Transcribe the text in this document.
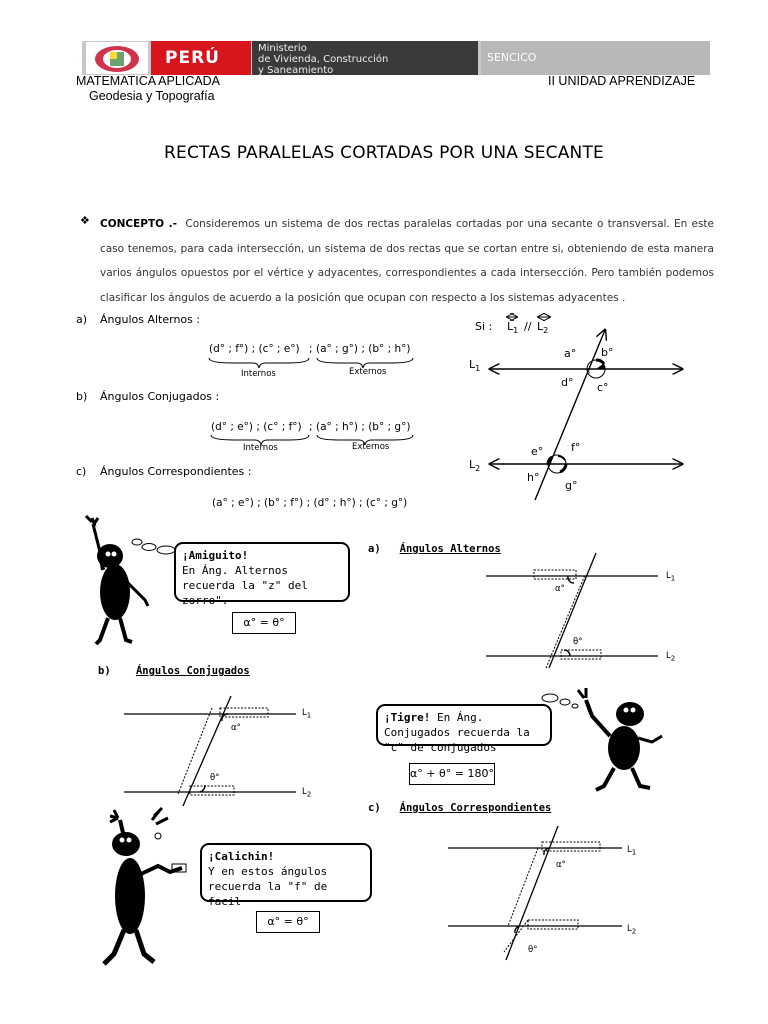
PERÚ	Ministerio
de Vivienda, Construcción
y Saneamiento
SENCICO
MATEMATICA APLICADA
Geodesia y Topografía
II UNIDAD APRENDIZAJE
RECTAS PARALELAS CORTADAS POR UNA SECANTE
❖ CONCEPTO .- Consideremos un sistema de dos rectas paralelas cortadas por una secante o transversal. En este caso tenemos, para cada intersección, un sistema de dos rectas que se cortan entre si, obteniendo de esta manera varios ángulos opuestos por el vértice y adyacentes, correspondientes a cada intersección. Pero también podemos clasificar los ángulos de acuerdo a la posición que ocupan con respecto a los sistemas adyacentes .
a) Ángulos Alternos :
(d° ; f°) ; (c° ; e°) ; (a° ; g°) ; (b° ; h°)
Internos	Externos
b) Ángulos Conjugados :
(d° ; e°) ; (c° ; f°) ; (a° ; h°) ; (b° ; g°)
Internos	Externos
c) Ángulos Correspondientes :
(a° ; e°) ; (b° ; f°) ; (d° ; h°) ; (c° ; g°)
Si : $L_1 // L_2$
$L_1$
$L_2$
a° b°
d° c°
e°	f°
h°
g°
¡Amiguito!
En Áng. Alternos recuerda la "z" del zorro".
α° = θ°
a) Ángulos Alternos
α°
θ°
$L_1$
$L_2$
b) Ángulos Conjugados
α°
θ°
$L_1$
$L_2$
¡Tigre! En Áng. Conjugados recuerda la "c" de conjugados
α° + θ° = 180°
c) Ángulos Correspondientes
α°
θ°
$L_1$
$L_2$
¡Calichin!
Y en estos ángulos recuerda la "f" de facil
α° = θ°
